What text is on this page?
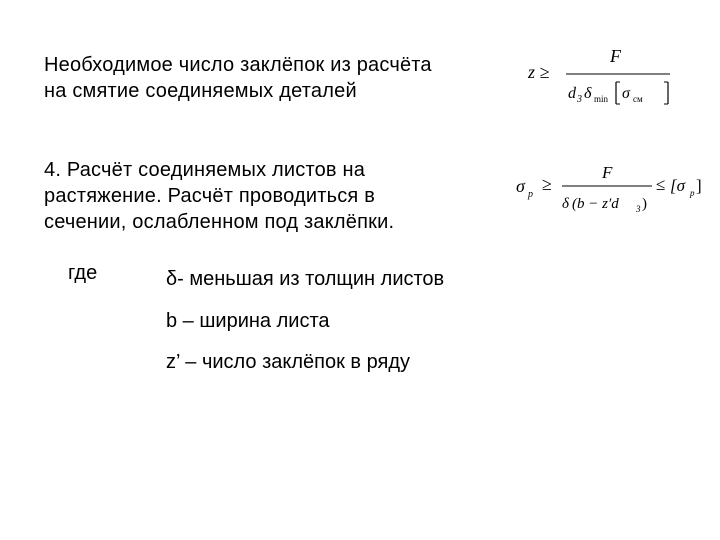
Необходимое число заклёпок из расчёта
на смятие соединяемых деталей
z ≥
F
d 3 δ min σ см
4. Расчёт соединяемых листов на
растяжение. Расчёт проводиться в
сечении, ослабленном под заклёпки.
σ p
≥
F
δ (b − z′d 3 )
≤ [σ р ]
где	δ- меньшая из толщин листов
b – ширина листа
z’ – число заклёпок в ряду
